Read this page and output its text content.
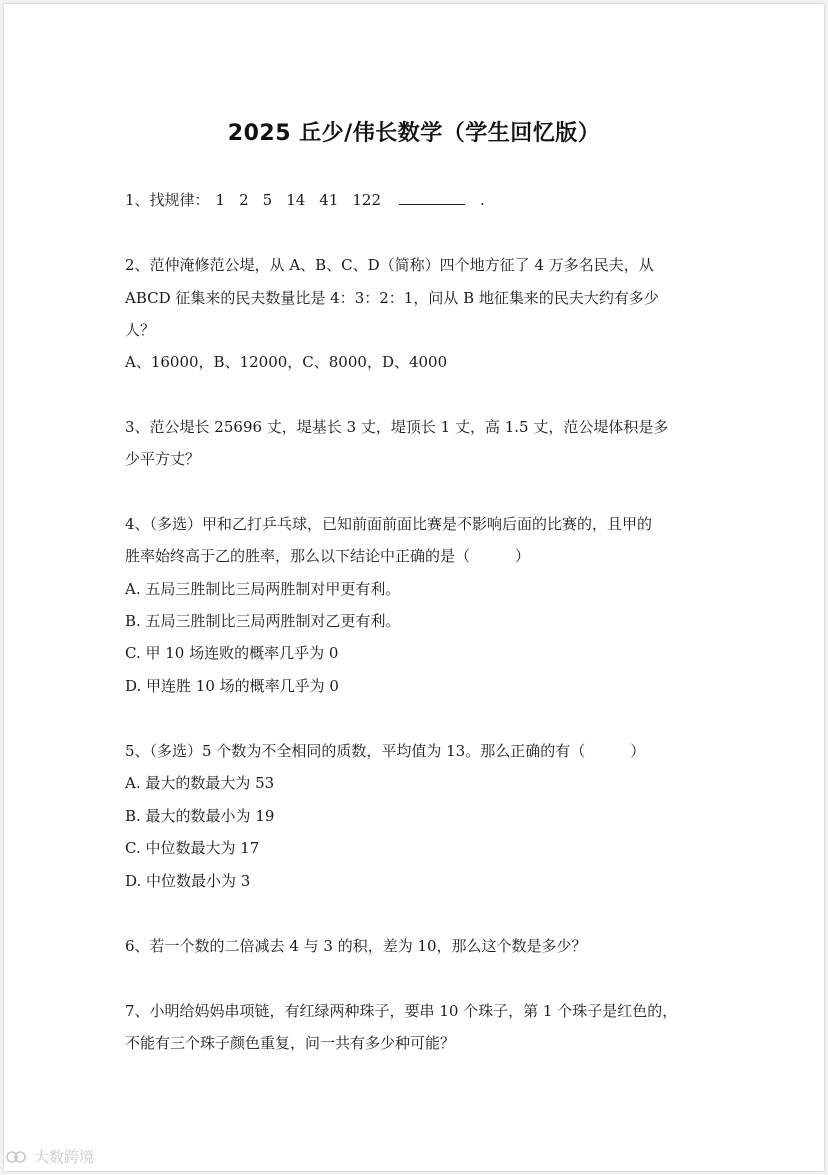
2025 丘少/伟长数学（学生回忆版）
1、找规律： 1 2 5 14 41 122	.
2、范仲淹修范公堤，从 A、B、C、D（简称）四个地方征了 4 万多名民夫，从
ABCD 征集来的民夫数量比是 4：3：2：1，问从 B 地征集来的民夫大约有多少
人？
A、16000，B、12000，C、8000，D、4000
3、范公堤长 25696 丈，堤基长 3 丈，堤顶长 1 丈，高 1.5 丈，范公堤体积是多
少平方丈？
4、（多选）甲和乙打乒乓球，已知前面前面比赛是不影响后面的比赛的，且甲的
胜率始终高于乙的胜率，那么以下结论中正确的是（　　　）
A. 五局三胜制比三局两胜制对甲更有利。
B. 五局三胜制比三局两胜制对乙更有利。
C. 甲 10 场连败的概率几乎为 0
D. 甲连胜 10 场的概率几乎为 0
5、（多选）5 个数为不全相同的质数，平均值为 13。那么正确的有（　　　）
A. 最大的数最大为 53
B. 最大的数最小为 19
C. 中位数最大为 17
D. 中位数最小为 3
6、若一个数的二倍减去 4 与 3 的积，差为 10，那么这个数是多少？
7、小明给妈妈串项链，有红绿两种珠子，要串 10 个珠子，第 1 个珠子是红色的，
不能有三个珠子颜色重复，问一共有多少种可能？
大数跨境
